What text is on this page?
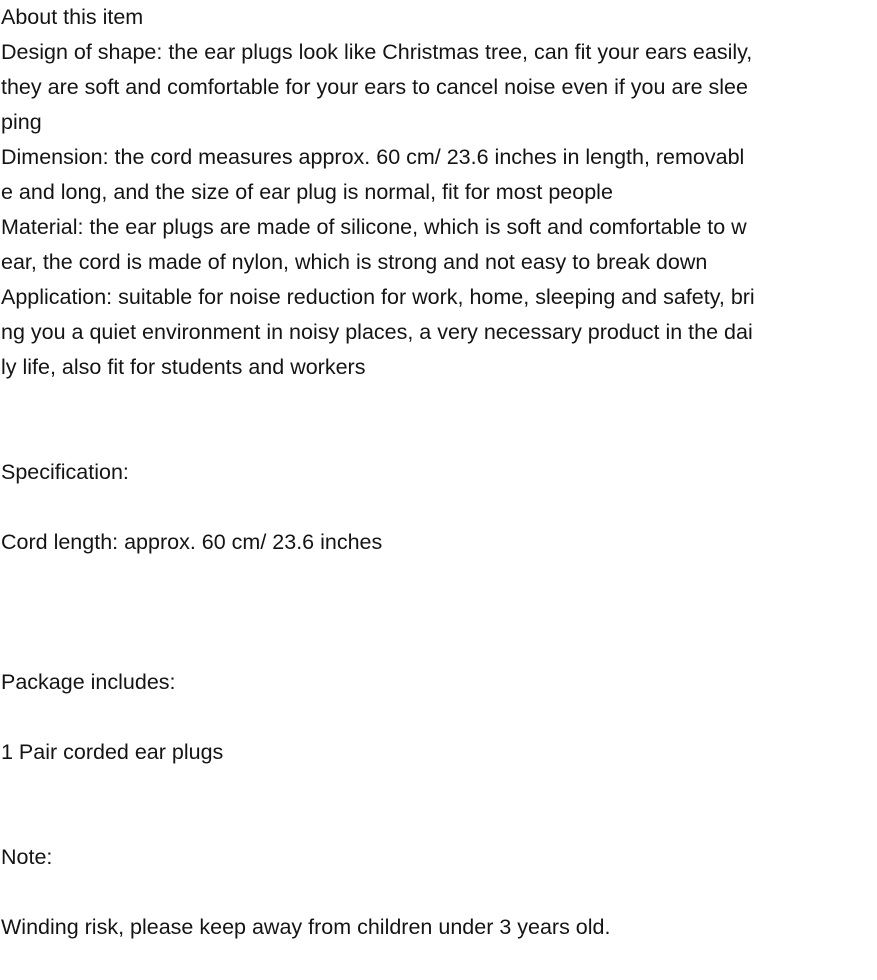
About this item
Design of shape: the ear plugs look like Christmas tree, can fit your ears easily,
they are soft and comfortable for your ears to cancel noise even if you are slee
ping
Dimension: the cord measures approx. 60 cm/ 23.6 inches in length, removabl
e and long, and the size of ear plug is normal, fit for most people
Material: the ear plugs are made of silicone, which is soft and comfortable to w
ear, the cord is made of nylon, which is strong and not easy to break down
Application: suitable for noise reduction for work, home, sleeping and safety, bri
ng you a quiet environment in noisy places, a very necessary product in the dai
ly life, also fit for students and workers
Specification:
Cord length: approx. 60 cm/ 23.6 inches
Package includes:
1 Pair corded ear plugs
Note:
Winding risk, please keep away from children under 3 years old.
